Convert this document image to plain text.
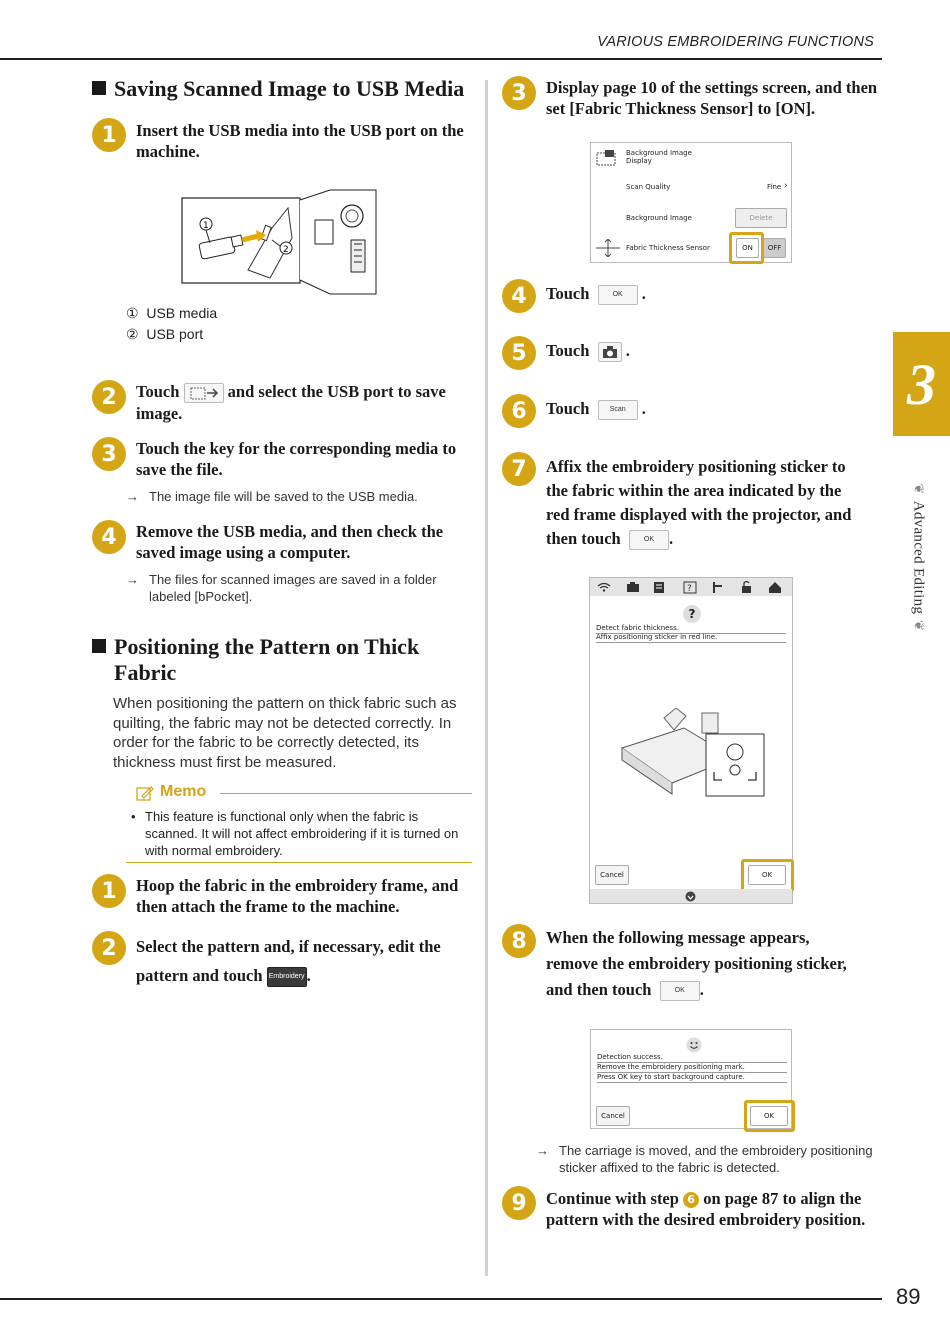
VARIOUS EMBROIDERING FUNCTIONS
3
❦Advanced Editing❦
Saving Scanned Image to USB Media
1	Insert the USB media into the USB port on the machine.
1
2
① USB media
② USB port
2	Touch	and select the USB port to save image.
3	Touch the key for the corresponding media to save the file.
→ The image file will be saved to the USB media.
4	Remove the USB media, and then check the saved image using a computer.
→ The files for scanned images are saved in a folder labeled [bPocket].
Positioning the Pattern on Thick
Fabric
When positioning the pattern on thick fabric such as quilting, the fabric may not be detected correctly. In order for the fabric to be correctly detected, its thickness must first be measured.
Memo
• This feature is functional only when the fabric is scanned. It will not affect embroidering if it is turned on with normal embroidery.
1	Hoop the fabric in the embroidery frame, and then attach the frame to the machine.
2	Select the pattern and, if necessary, edit the
pattern and touch Embroidery .
3	Display page 10 of the settings screen, and then set [Fabric Thickness Sensor] to [ON].
Background Image
Display
Scan Quality	Fine ›
Background Image	Delete
Fabric Thickness Sensor	ON	OFF
4	Touch	OK .
5	Touch .
6	Touch	Scan .
7	Affix the embroidery positioning sticker to
the fabric within the area indicated by the
red frame displayed with the projector, and
then touch	OK .
?
?
Detect fabric thickness.
Affix positioning sticker in red line.
Cancel	OK
8	When the following message appears,
remove the embroidery positioning sticker,
and then touch	OK .
Detection success.
Remove the embroidery positioning mark.
Press OK key to start background capture.
Cancel	OK
→ The carriage is moved, and the embroidery positioning sticker affixed to the fabric is detected.
9	Continue with step 6 on page 87 to align the
pattern with the desired embroidery position.
89
